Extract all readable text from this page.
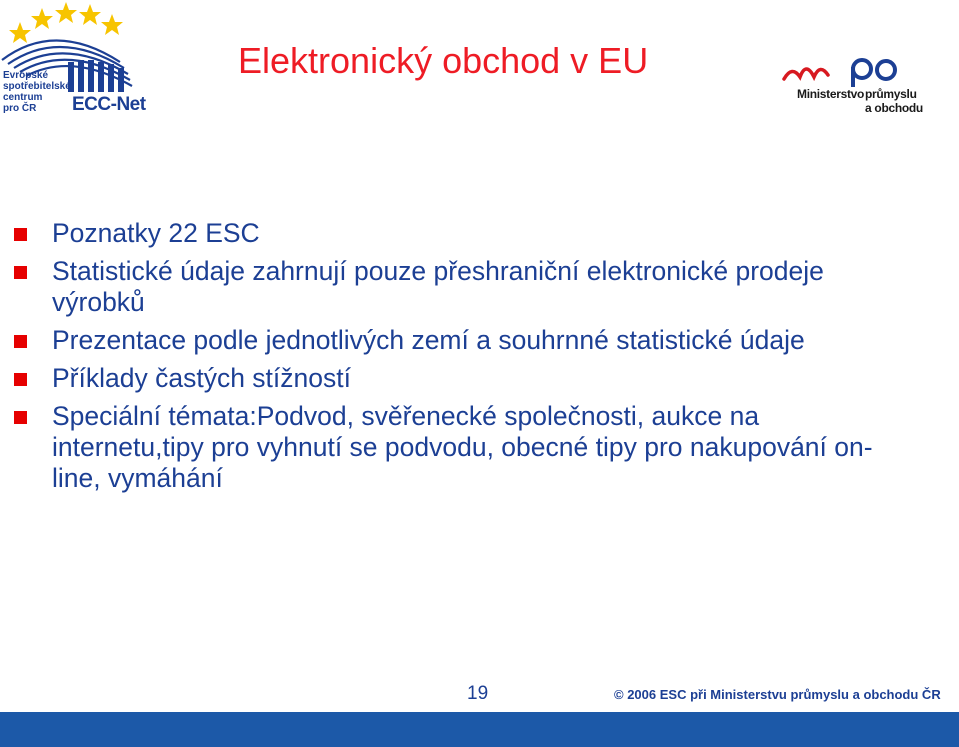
Evropské
spotřebitelské
centrum
pro ČR	ECC-Net
Elektronický obchod v EU
Ministerstvo průmyslu
a obchodu
Poznatky 22 ESC
Statistické údaje zahrnují pouze přeshraniční elektronické prodeje výrobků
Prezentace podle jednotlivých zemí a souhrnné statistické údaje
Příklady častých stížností
Speciální témata:Podvod, svěřenecké společnosti, aukce na internetu,tipy pro vyhnutí se podvodu, obecné tipy pro nakupování on-line, vymáhání
19	© 2006 ESC při Ministerstvu průmyslu a obchodu ČR
